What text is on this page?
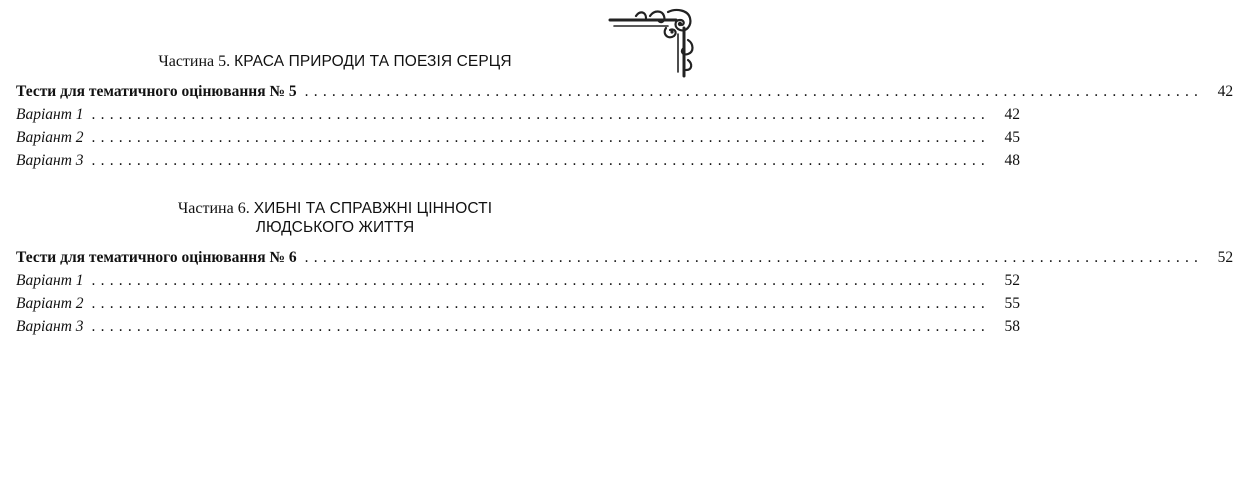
Частина 5. КРАСА ПРИРОДИ ТА ПОЕЗІЯ СЕРЦЯ
Тести для тематичного оцінювання № 5 ................................................................................................... 42
Варіант 1 ................................................................................................... 42
Варіант 2 ................................................................................................... 45
Варіант 3 ................................................................................................... 48
Частина 6. ХИБНІ ТА СПРАВЖНІ ЦІННОСТІ
ЛЮДСЬКОГО ЖИТТЯ
Тести для тематичного оцінювання № 6 ................................................................................................... 52
Варіант 1 ................................................................................................... 52
Варіант 2 ................................................................................................... 55
Варіант 3 ................................................................................................... 58
